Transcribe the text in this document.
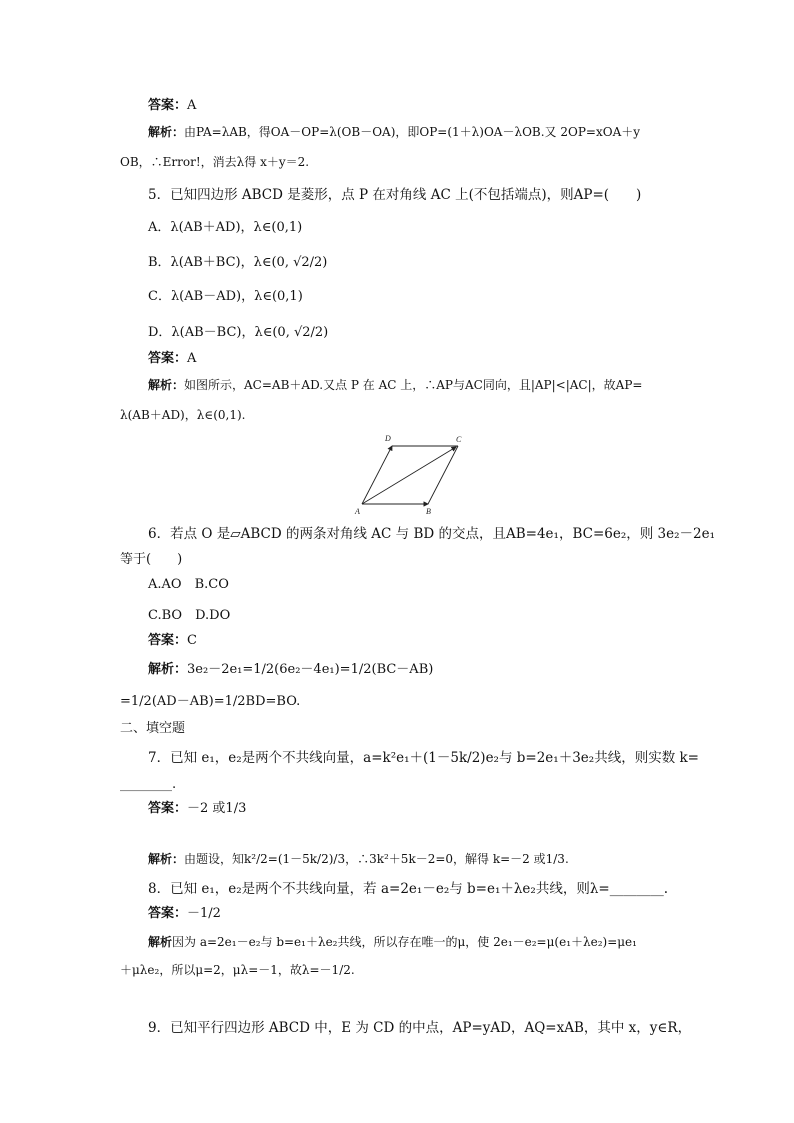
答案：A
解析：由PA=λAB，得OA－OP=λ(OB－OA)，即OP=(1＋λ)OA－λOB.又 2OP=xOA＋y
OB，∴Error!，消去λ得 x＋y＝2.
5．已知四边形 ABCD 是菱形，点 P 在对角线 AC 上(不包括端点)，则AP=(　　)
A．λ(AB＋AD)，λ∈(0,1)
B．λ(AB＋BC)，λ∈(0, √2/2)
C．λ(AB－AD)，λ∈(0,1)
D．λ(AB－BC)，λ∈(0, √2/2)
答案：A
解析：如图所示，AC=AB＋AD.又点 P 在 AC 上，∴AP与AC同向，且|AP|<|AC|，故AP=
λ(AB＋AD)，λ∈(0,1).
A	B
C
D
6．若点 O 是▱ABCD 的两条对角线 AC 与 BD 的交点，且AB=4e₁，BC=6e₂，则 3e₂－2e₁
等于(　　)
A.AO　B.CO
C.BO　D.DO
答案：C
解析：3e₂－2e₁=1/2(6e₂－4e₁)=1/2(BC－AB)
=1/2(AD－AB)=1/2BD=BO.
二、填空题
7．已知 e₁，e₂是两个不共线向量，a=k²e₁＋(1－5k/2)e₂与 b=2e₁＋3e₂共线，则实数 k=
________.
答案：－2 或1/3
解析：由题设，知k²/2=(1－5k/2)/3，∴3k²＋5k－2=0，解得 k=－2 或1/3.
8．已知 e₁，e₂是两个不共线向量，若 a=2e₁－e₂与 b=e₁＋λe₂共线，则λ=________.
答案：－1/2
解析因为 a=2e₁－e₂与 b=e₁＋λe₂共线，所以存在唯一的μ，使 2e₁－e₂=μ(e₁＋λe₂)=μe₁
＋μλe₂，所以μ=2，μλ=－1，故λ=－1/2.
9．已知平行四边形 ABCD 中，E 为 CD 的中点，AP=yAD，AQ=xAB，其中 x，y∈R，
